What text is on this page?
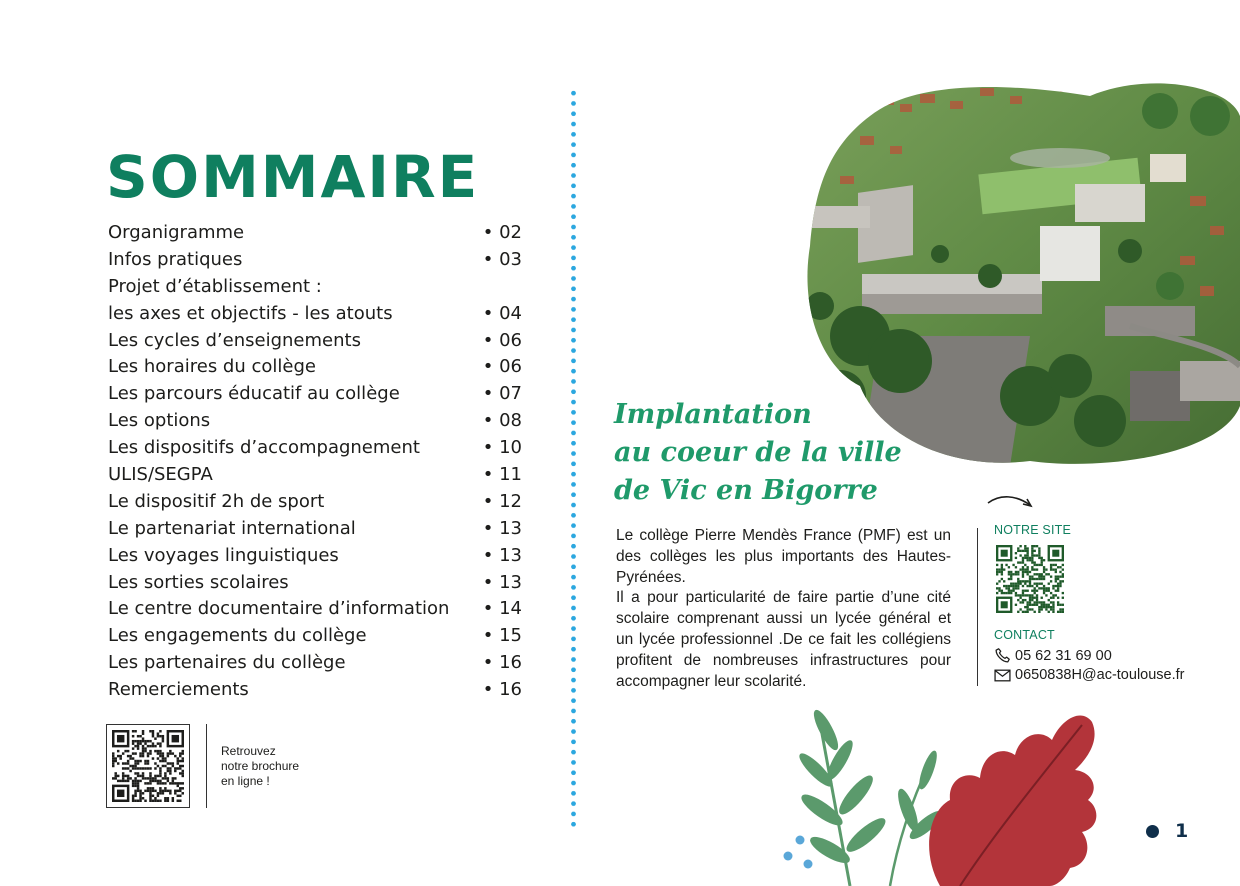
SOMMAIRE
Organigramme	• 02
Infos pratiques	• 03
Projet d’établissement :
les axes et objectifs - les atouts	• 04
Les cycles d’enseignements	• 06
Les horaires du collège	• 06
Les parcours éducatif au collège	• 07
Les options	• 08
Les dispositifs d’accompagnement	• 10
ULIS/SEGPA	• 11
Le dispositif 2h de sport	• 12
Le partenariat international	• 13
Les voyages linguistiques	• 13
Les sorties scolaires	• 13
Le centre documentaire d’information • 14
Les engagements du collège	• 15
Les partenaires du collège	• 16
Remerciements	• 16
Retrouvez
notre brochure
en ligne !
Implantation
au coeur de la ville
de Vic en Bigorre

Le collège Pierre Mendès France (PMF) est un des collèges les plus importants des Hautes-Pyrénées.

Il a pour particularité de faire partie d’une cité scolaire comprenant aussi un lycée général et un lycée professionnel .De ce fait les collégiens profitent de nombreuses infrastructures pour accompagner leur scolarité.

NOTRE SITE
CONTACT
05 62 31 69 00
0650838H@ac-toulouse.fr
1
